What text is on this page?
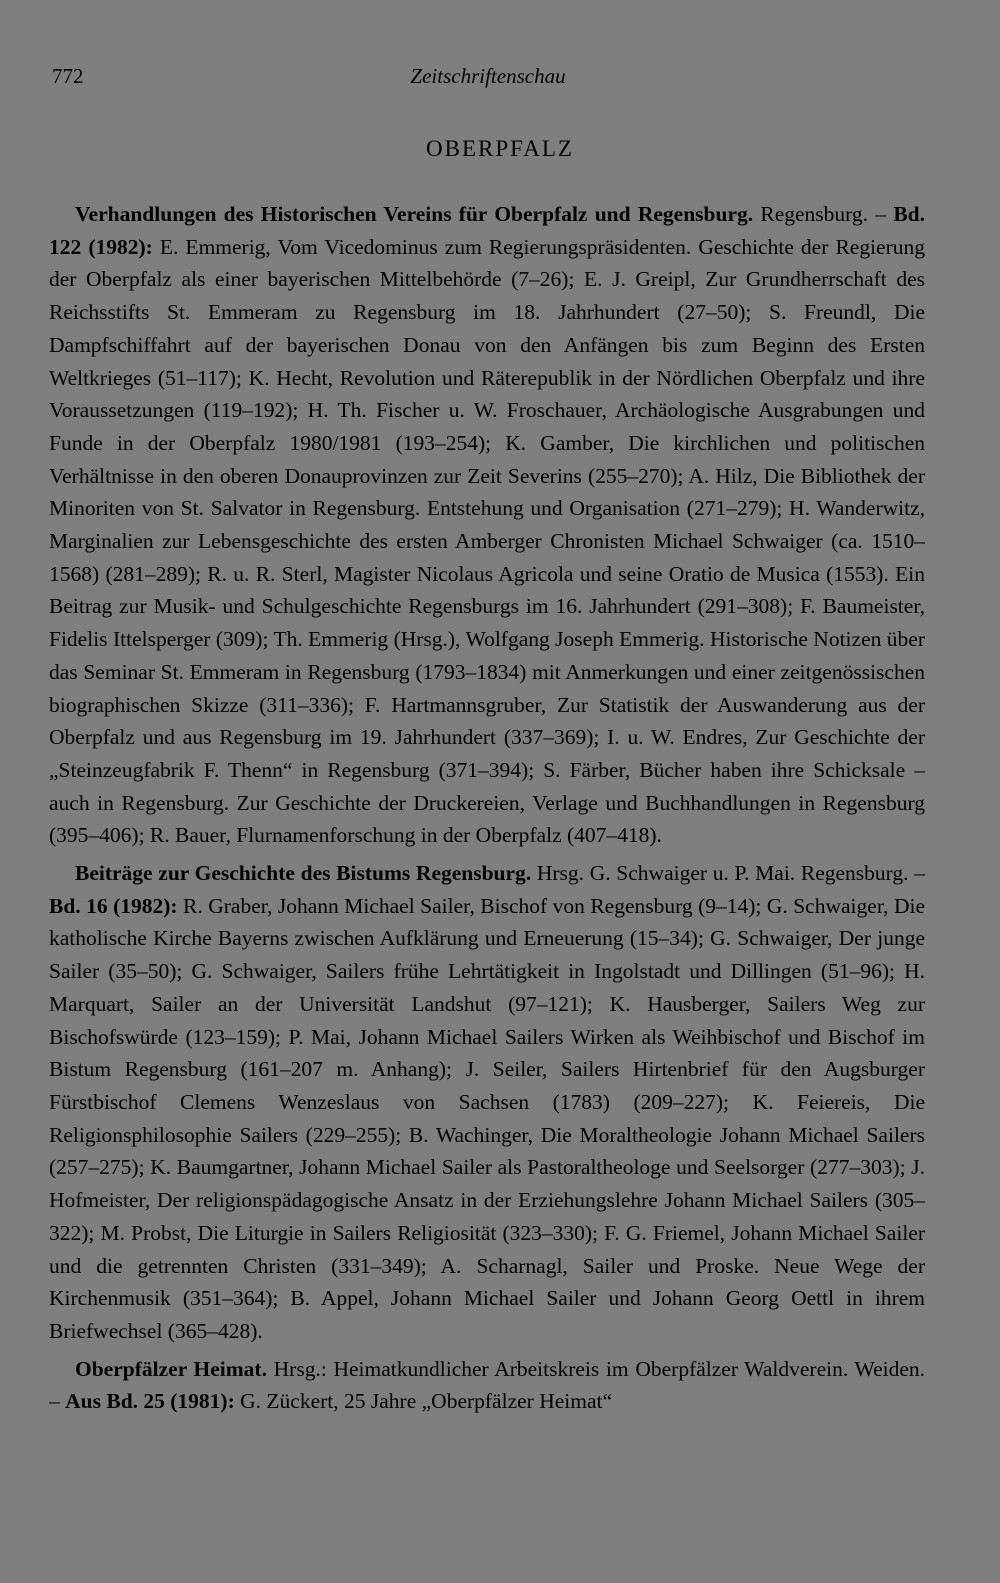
772	Zeitschriftenschau
OBERPFALZ

Verhandlungen des Historischen Vereins für Oberpfalz und Regensburg. Regensburg. – Bd. 122 (1982): E. Emmerig, Vom Vicedominus zum Regierungspräsidenten. Geschichte der Regierung der Oberpfalz als einer bayerischen Mittelbehörde (7–26); E. J. Greipl, Zur Grundherrschaft des Reichsstifts St. Emmeram zu Regensburg im 18. Jahrhundert (27–50); S. Freundl, Die Dampfschiffahrt auf der bayerischen Donau von den Anfängen bis zum Beginn des Ersten Weltkrieges (51–117); K. Hecht, Revolution und Räterepublik in der Nördlichen Oberpfalz und ihre Voraussetzungen (119–192); H. Th. Fischer u. W. Froschauer, Archäologische Ausgrabungen und Funde in der Oberpfalz 1980/1981 (193–254); K. Gamber, Die kirchlichen und politischen Verhältnisse in den oberen Donauprovinzen zur Zeit Severins (255–270); A. Hilz, Die Bibliothek der Minoriten von St. Salvator in Regensburg. Entstehung und Organisation (271–279); H. Wanderwitz, Marginalien zur Lebensgeschichte des ersten Amberger Chronisten Michael Schwaiger (ca. 1510–1568) (281–289); R. u. R. Sterl, Magister Nicolaus Agricola und seine Oratio de Musica (1553). Ein Beitrag zur Musik- und Schulgeschichte Regensburgs im 16. Jahrhundert (291–308); F. Baumeister, Fidelis Ittelsperger (309); Th. Emmerig (Hrsg.), Wolfgang Joseph Emmerig. Historische Notizen über das Seminar St. Emmeram in Regensburg (1793–1834) mit Anmerkungen und einer zeitgenössischen biographischen Skizze (311–336); F. Hartmannsgruber, Zur Statistik der Auswanderung aus der Oberpfalz und aus Regensburg im 19. Jahrhundert (337–369); I. u. W. Endres, Zur Geschichte der „Steinzeugfabrik F. Thenn“ in Regensburg (371–394); S. Färber, Bücher haben ihre Schicksale – auch in Regensburg. Zur Geschichte der Druckereien, Verlage und Buchhandlungen in Regensburg (395–406); R. Bauer, Flurnamenforschung in der Oberpfalz (407–418).

Beiträge zur Geschichte des Bistums Regensburg. Hrsg. G. Schwaiger u. P. Mai. Regensburg. – Bd. 16 (1982): R. Graber, Johann Michael Sailer, Bischof von Regensburg (9–14); G. Schwaiger, Die katholische Kirche Bayerns zwischen Aufklärung und Erneuerung (15–34); G. Schwaiger, Der junge Sailer (35–50); G. Schwaiger, Sailers frühe Lehrtätigkeit in Ingolstadt und Dillingen (51–96); H. Marquart, Sailer an der Universität Landshut (97–121); K. Hausberger, Sailers Weg zur Bischofswürde (123–159); P. Mai, Johann Michael Sailers Wirken als Weihbischof und Bischof im Bistum Regensburg (161–207 m. Anhang); J. Seiler, Sailers Hirtenbrief für den Augsburger Fürstbischof Clemens Wenzeslaus von Sachsen (1783) (209–227); K. Feiereis, Die Religionsphilosophie Sailers (229–255); B. Wachinger, Die Moraltheologie Johann Michael Sailers (257–275); K. Baumgartner, Johann Michael Sailer als Pastoraltheologe und Seelsorger (277–303); J. Hofmeister, Der religionspädagogische Ansatz in der Erziehungslehre Johann Michael Sailers (305–322); M. Probst, Die Liturgie in Sailers Religiosität (323–330); F. G. Friemel, Johann Michael Sailer und die getrennten Christen (331–349); A. Scharnagl, Sailer und Proske. Neue Wege der Kirchenmusik (351–364); B. Appel, Johann Michael Sailer und Johann Georg Oettl in ihrem Briefwechsel (365–428).

Oberpfälzer Heimat. Hrsg.: Heimatkundlicher Arbeitskreis im Oberpfälzer Waldverein. Weiden. – Aus Bd. 25 (1981): G. Zückert, 25 Jahre „Oberpfälzer Heimat“
